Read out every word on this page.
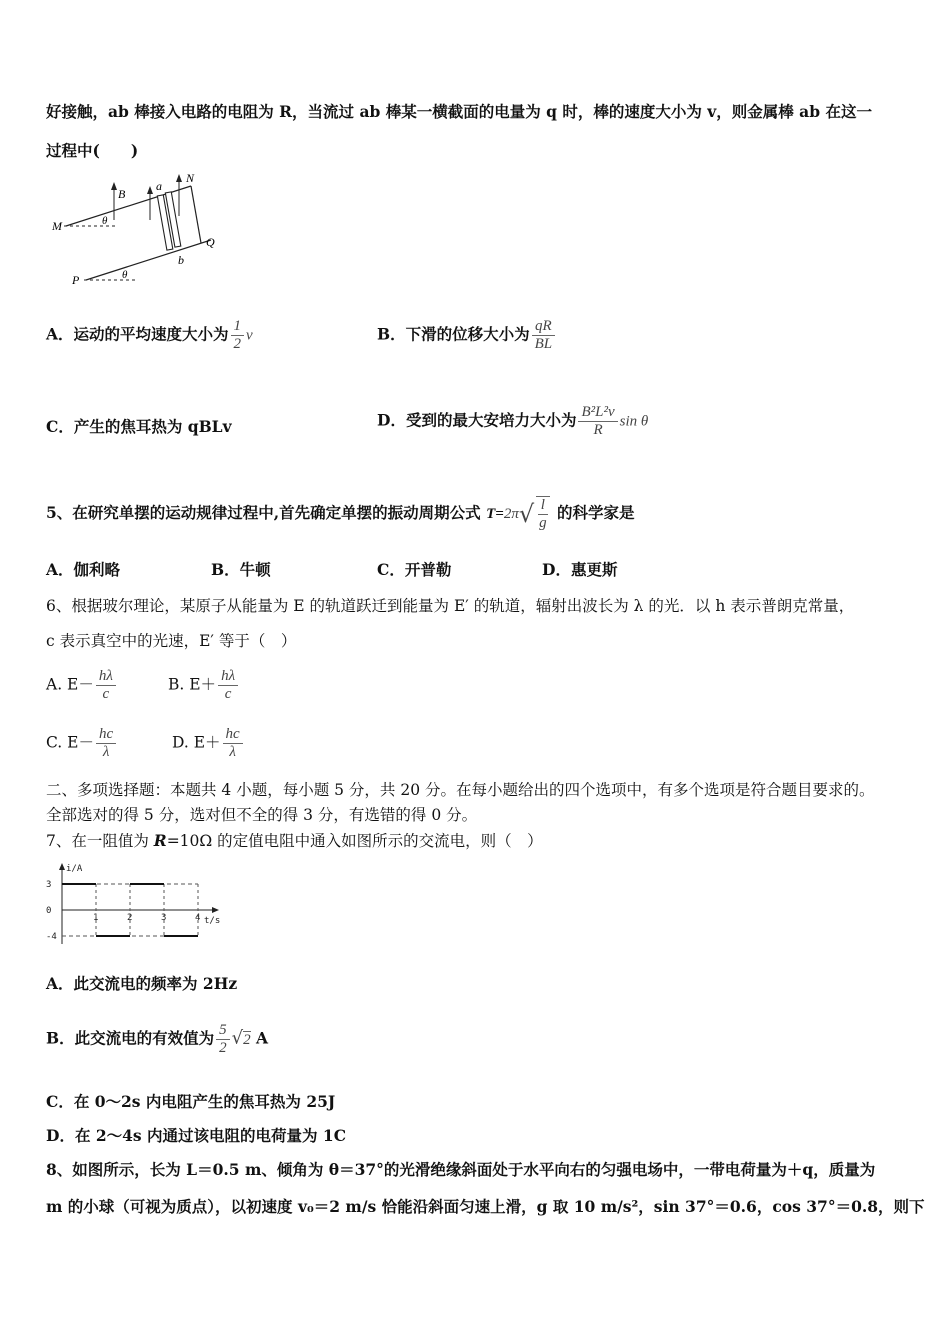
好接触，ab 棒接入电路的电阻为 R，当流过 ab 棒某一横截面的电量为 q 时，棒的速度大小为 v，则金属棒 ab 在这一
过程中(　　)
M
P
B
a
N
b
Q
θ
θ
A．运动的平均速度大小为 $\frac{1}{2}$ v	B．下滑的位移大小为 $\frac{qR}{BL}$
C．产生的焦耳热为 qBLv	D．受到的最大安培力大小为 $\frac{\text{B²L²v}}{R}$ sin θ
5、在研究单摆的运动规律过程中,首先确定单摆的振动周期公式 $T=2\pi√ \frac{l}{g}$ 的科学家是
A．伽利略	B．牛顿	C．开普勒	D．惠更斯
6、根据玻尔理论，某原子从能量为 E 的轨道跃迁到能量为 E′ 的轨道，辐射出波长为 λ 的光．以 h 表示普朗克常量，
c 表示真空中的光速，E′ 等于（　）
A. $E- \frac{h\lambda}{c}$	B. $E+ \frac{h\lambda}{c}$
C. $E- \frac{hc}{\lambda}$	D. $E+ \frac{hc}{\lambda}$
二、多项选择题：本题共 4 小题，每小题 5 分，共 20 分。在每小题给出的四个选项中，有多个选项是符合题目要求的。
全部选对的得 5 分，选对但不全的得 3 分，有选错的得 0 分。
7、在一阻值为 R=10Ω 的定值电阻中通入如图所示的交流电，则（　）
i/A
t/s
3
0
-4
1	2	3	4
A．此交流电的频率为 2Hz
B．此交流电的有效值为 $\frac{5}{2} √2$ A
C．在 0～2s 内电阻产生的焦耳热为 25J
D．在 2～4s 内通过该电阻的电荷量为 1C
8、如图所示，长为 L＝0.5 m、倾角为 θ＝37°的光滑绝缘斜面处于水平向右的匀强电场中，一带电荷量为＋q，质量为
m 的小球（可视为质点），以初速度 v₀＝2 m/s 恰能沿斜面匀速上滑，g 取 10 m/s²，sin 37°＝0.6，cos 37°＝0.8，则下
